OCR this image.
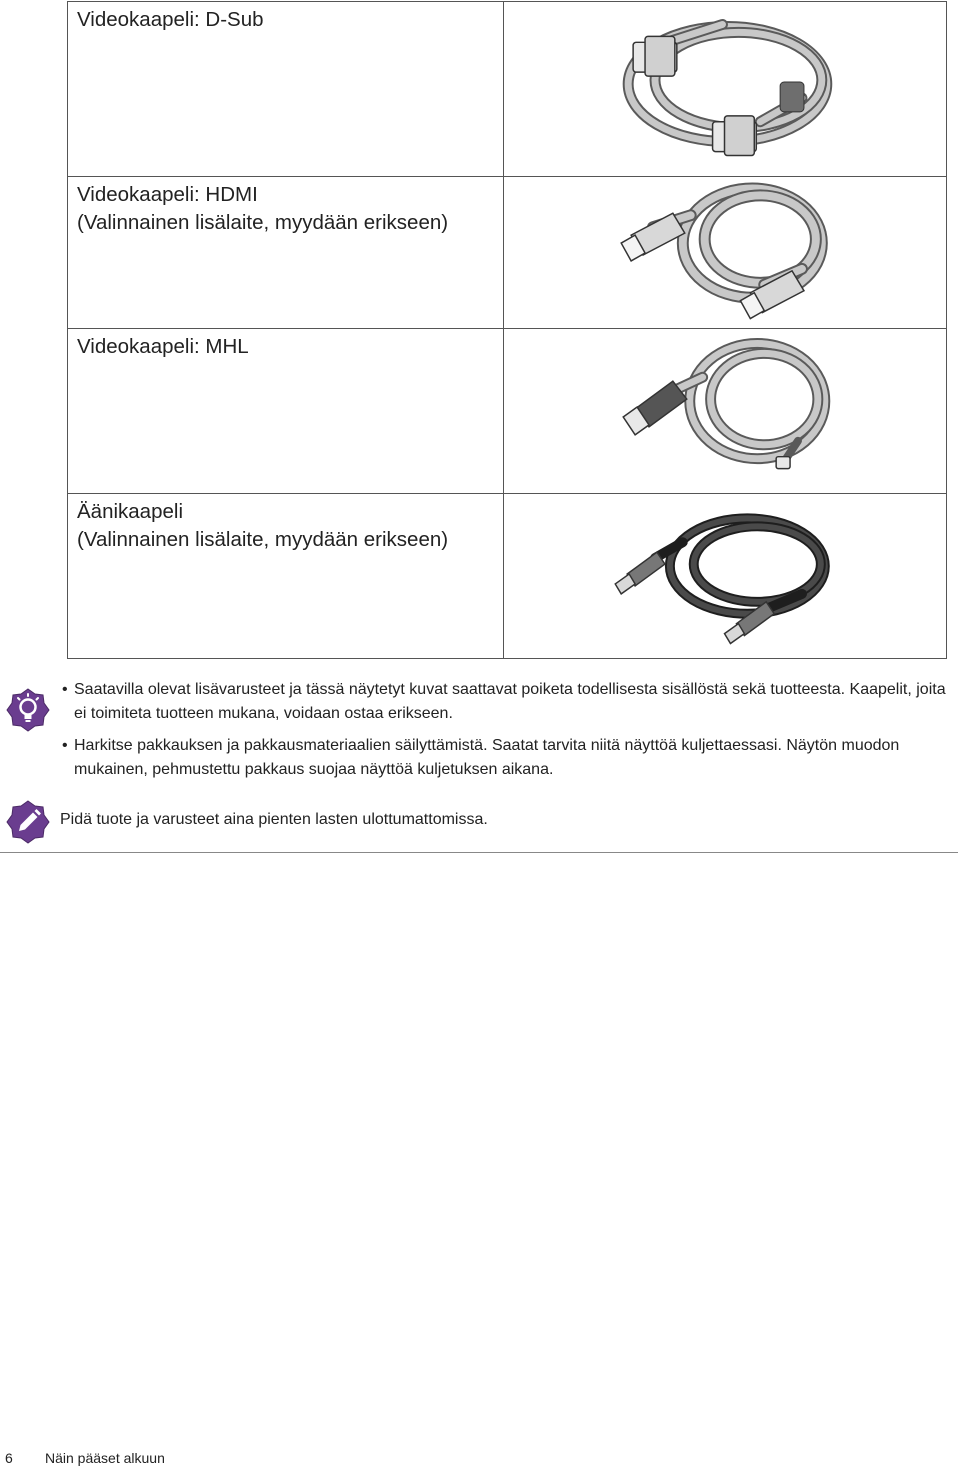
Videokaapeli: D-Sub

Videokaapeli: HDMI
(Valinnainen lisälaite, myydään erikseen)

Videokaapeli: MHL

Äänikaapeli
(Valinnainen lisälaite, myydään erikseen)

• Saatavilla olevat lisävarusteet ja tässä näytetyt kuvat saattavat poiketa todellisesta sisällöstä sekä tuotteesta. Kaapelit, joita ei toimiteta tuotteen mukana, voidaan ostaa erikseen.
• Harkitse pakkauksen ja pakkausmateriaalien säilyttämistä. Saatat tarvita niitä näyttöä kuljettaessasi. Näytön muodon mukainen, pehmustettu pakkaus suojaa näyttöä kuljetuksen aikana.
Pidä tuote ja varusteet aina pienten lasten ulottumattomissa.
6 Näin pääset alkuun
